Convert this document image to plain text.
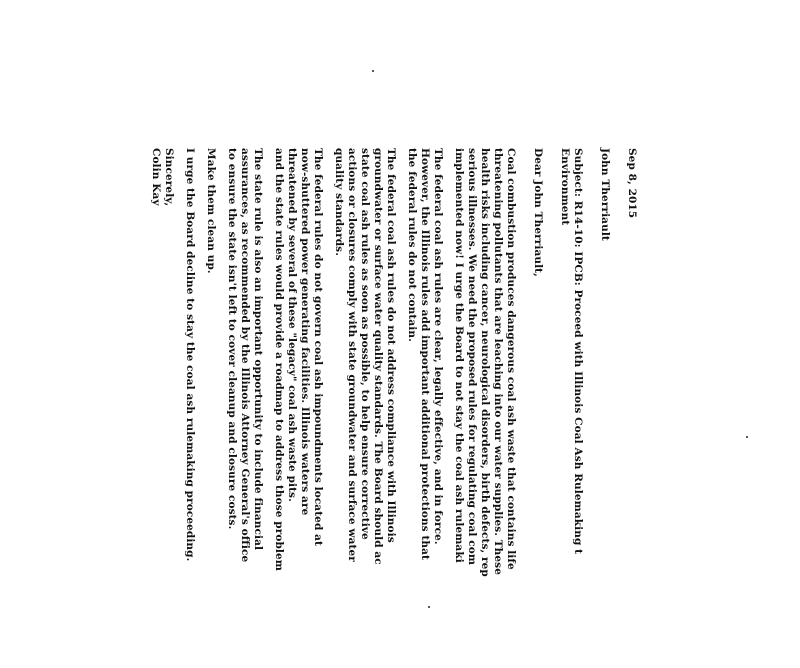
Sep 8, 2015

John Therriault

Subject: R14-10: IPCB: Proceed with Illinois Coal Ash Rulemaking t

Environment

Dear John Therriault,

Coal combustion produces dangerous coal ash waste that contains life

threatening pollutants that are leaching into our water supplies. These

health risks including cancer, neurological disorders, birth defects, rep

serious illnesses. We need the proposed rules for regulating coal com

implemented now! I urge the Board to not stay the coal ash rulemaki

The federal coal ash rules are clear, legally effective, and in force.

However, the Illinois rules add important additional protections that

the federal rules do not contain.

The federal coal ash rules do not address compliance with Illinois

groundwater or surface water quality standards. The Board should ac

state coal ash rules as soon as possible, to help ensure corrective

actions or closures comply with state groundwater and surface water

quality standards.

The federal rules do not govern coal ash impoundments located at

now-shuttered power generating facilities. Illinois waters are

threatened by several of these "legacy" coal ash waste pits.

and the state rules would provide a roadmap to address those problem

The state rule is also an important opportunity to include financial

assurances, as recommended by the Illinois Attorney General's office

to ensure the state isn't left to cover cleanup and closure costs.

Make them clean up.

I urge the Board decline to stay the coal ash rulemaking proceeding.

Sincerely,

Colin Kay
